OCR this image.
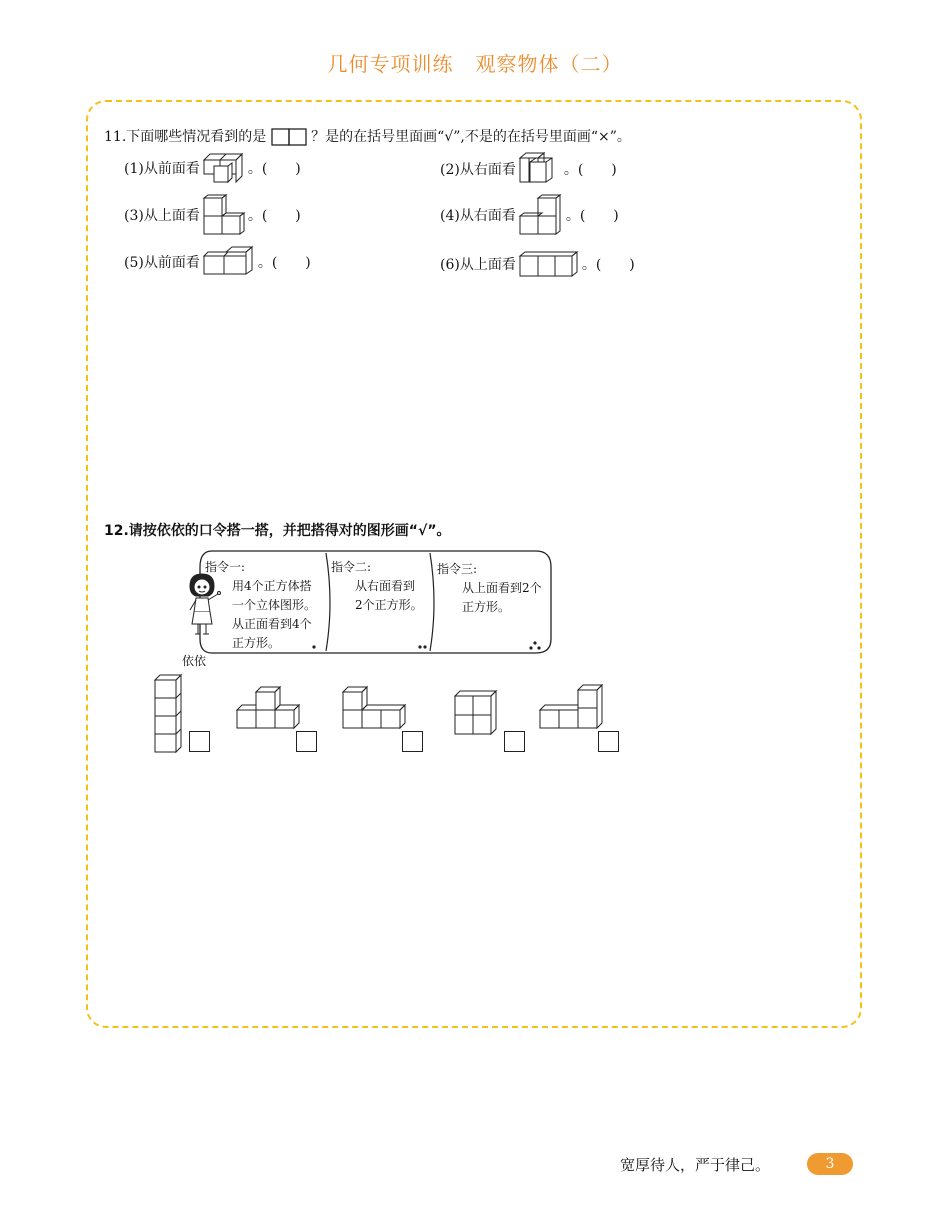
几何专项训练 观察物体（二）
11.下面哪些情况看到的是	？是的在括号里面画“√”,不是的在括号里面画“×”。
(1)从前面看	。(　　)	(2)从右面看	。(　　)
(3)从上面看	。(　　)	(4)从右面看	。(　　)
(5)从前面看	。(　　)	(6)从上面看	。(　　)
12.请按依依的口令搭一搭，并把搭得对的图形画“√”。
指令一:
用4个正方体搭
一个立体图形。
从正面看到4个
正方形。
指令二:
从右面看到
2个正方形。
指令三:
从上面看到2个
正方形。
依依
宽厚待人，严于律己。	3
